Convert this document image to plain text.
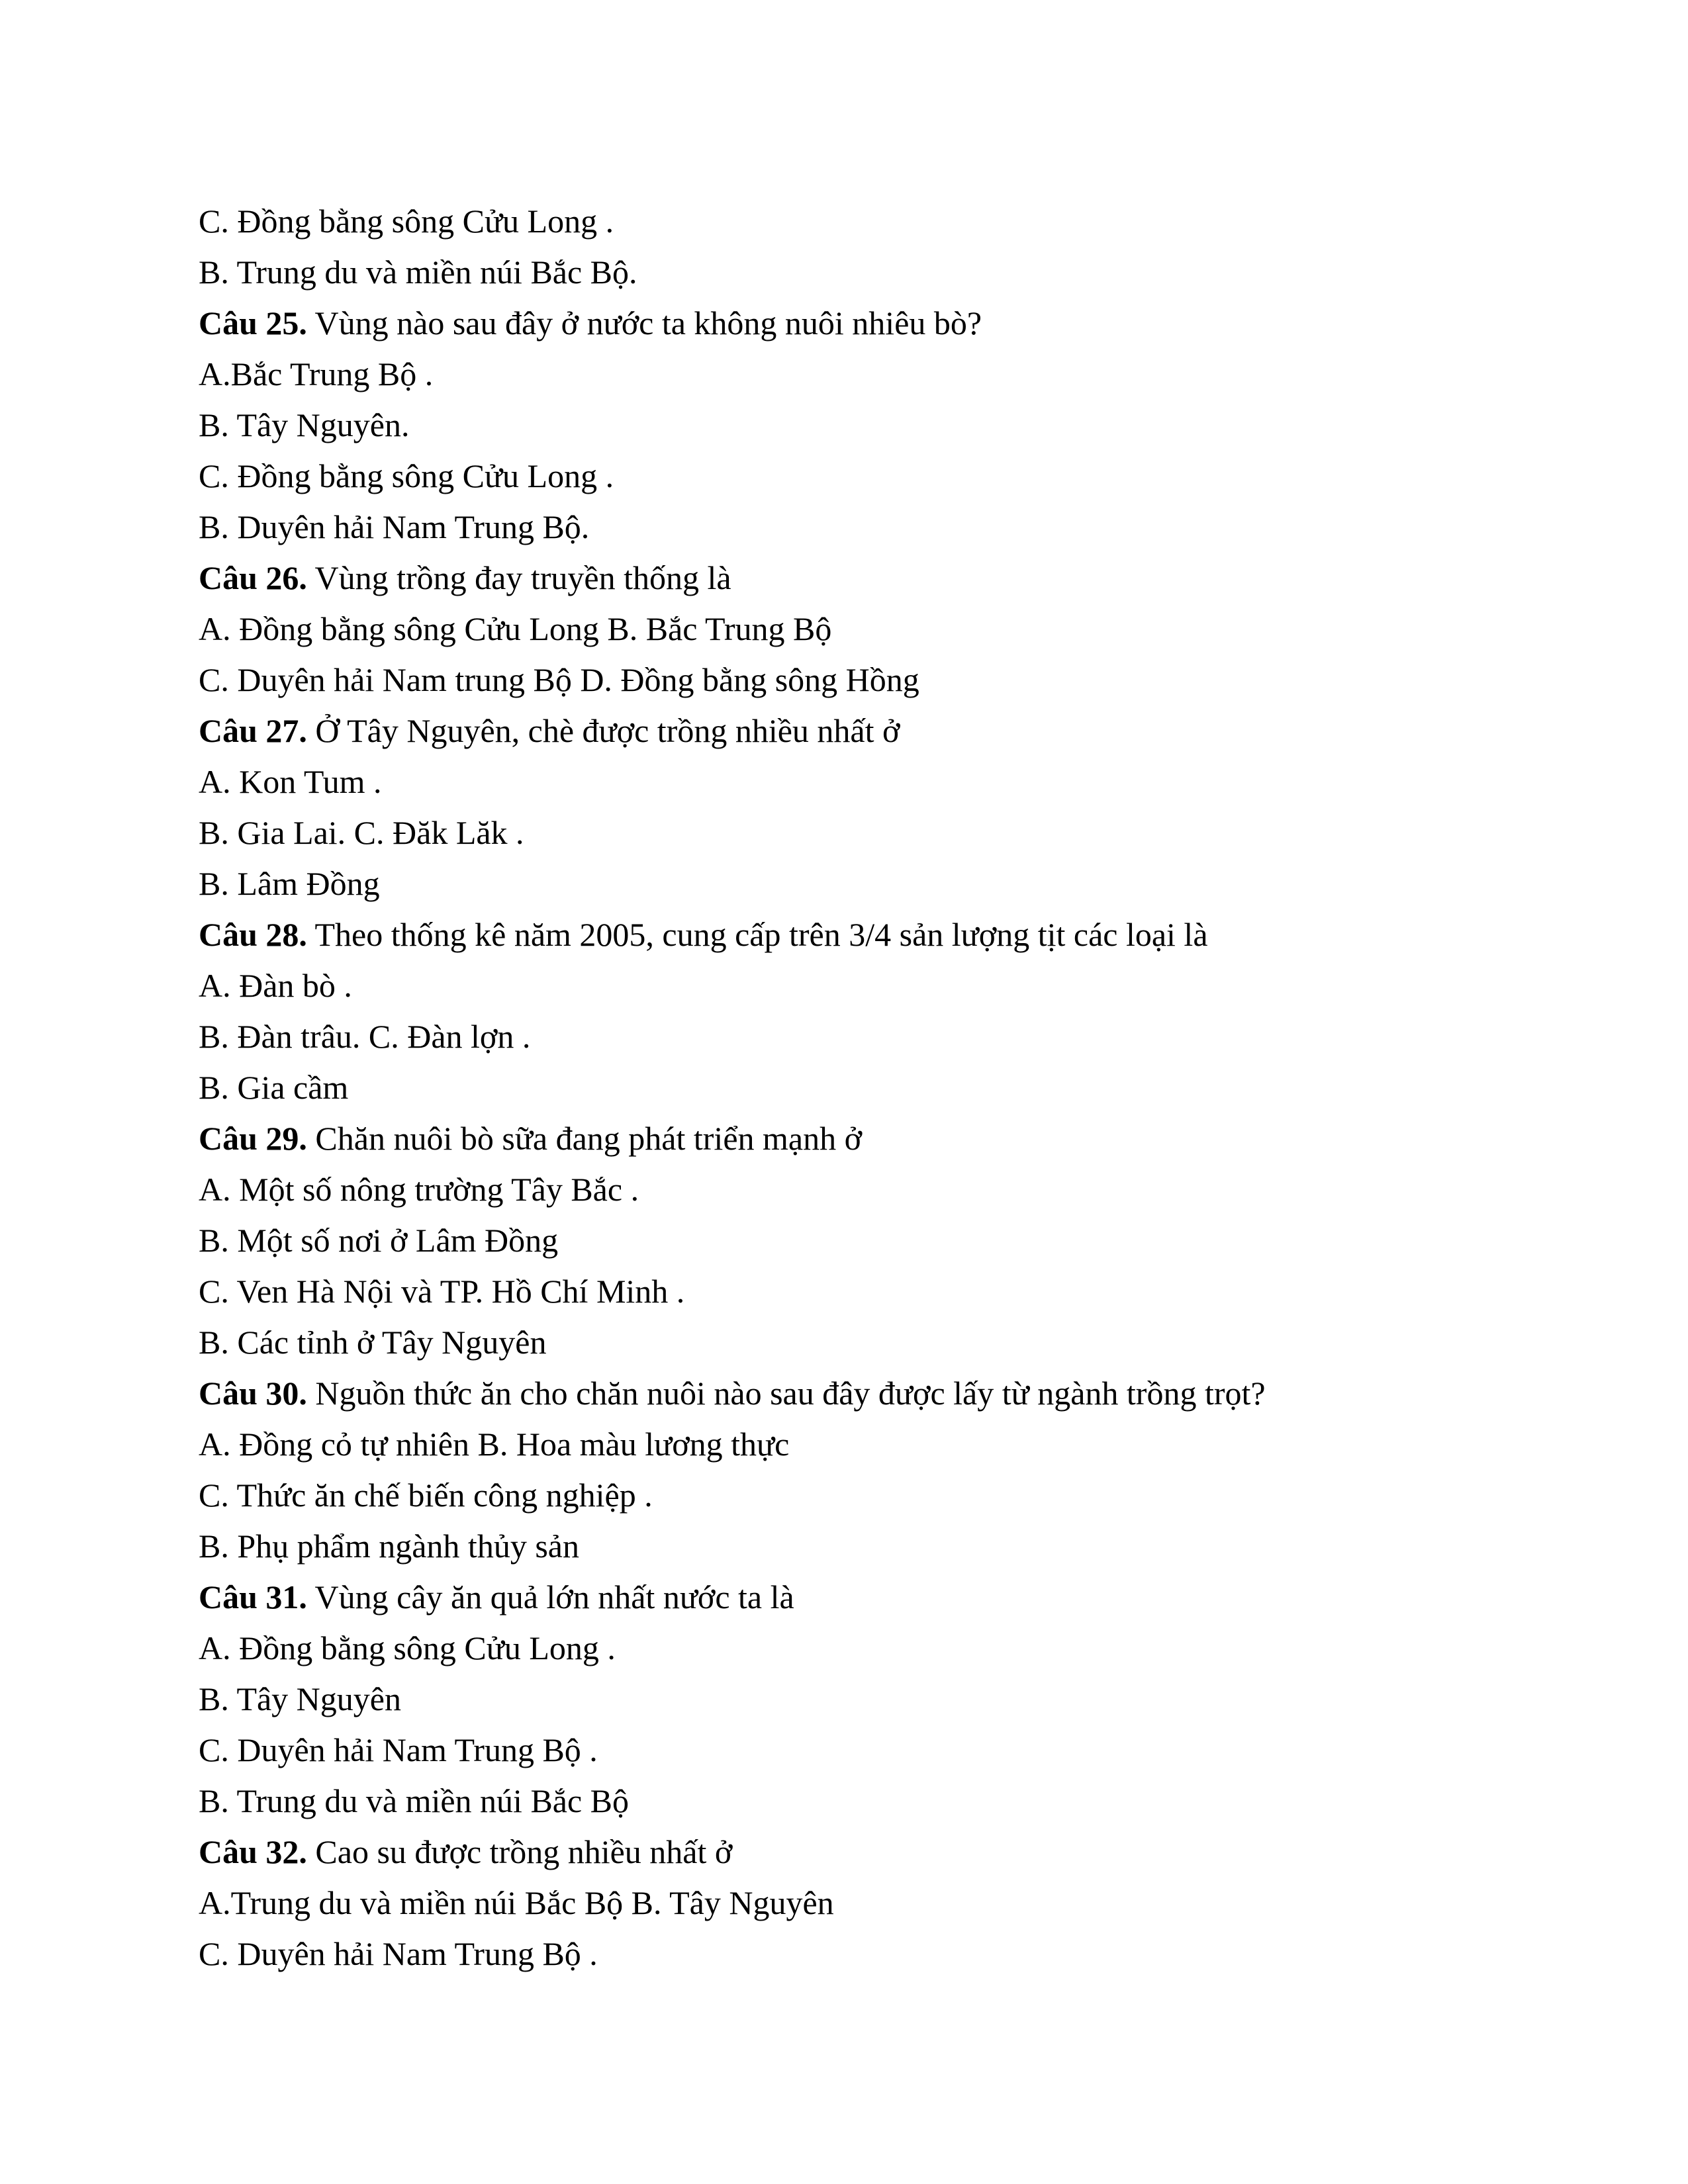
C. Đồng bằng sông Cửu Long .
B. Trung du và miền núi Bắc Bộ.
Câu 25. Vùng nào sau đây ở nước ta không nuôi nhiêu bò?
A.Bắc Trung Bộ .
B. Tây Nguyên.
C. Đồng bằng sông Cửu Long .
B. Duyên hải Nam Trung Bộ.
Câu 26. Vùng trồng đay truyền thống là
A. Đồng bằng sông Cửu Long B. Bắc Trung Bộ
C. Duyên hải Nam trung Bộ D. Đồng bằng sông Hồng
Câu 27. Ở Tây Nguyên, chè được trồng nhiều nhất ở
A. Kon Tum .
B. Gia Lai. C. Đăk Lăk .
B. Lâm Đồng
Câu 28. Theo thống kê năm 2005, cung cấp trên 3/4 sản lượng tịt các loại là
A. Đàn bò .
B. Đàn trâu. C. Đàn lợn .
B. Gia cầm
Câu 29. Chăn nuôi bò sữa đang phát triển mạnh ở
A. Một số nông trường Tây Bắc .
B. Một số nơi ở Lâm Đồng
C. Ven Hà Nội và TP. Hồ Chí Minh .
B. Các tỉnh ở Tây Nguyên
Câu 30. Nguồn thức ăn cho chăn nuôi nào sau đây được lấy từ ngành trồng trọt?
A. Đồng cỏ tự nhiên B. Hoa màu lương thực
C. Thức ăn chế biến công nghiệp .
B. Phụ phẩm ngành thủy sản
Câu 31. Vùng cây ăn quả lớn nhất nước ta là
A. Đồng bằng sông Cửu Long .
B. Tây Nguyên
C. Duyên hải Nam Trung Bộ .
B. Trung du và miền núi Bắc Bộ
Câu 32. Cao su được trồng nhiều nhất ở
A.Trung du và miền núi Bắc Bộ B. Tây Nguyên
C. Duyên hải Nam Trung Bộ .
